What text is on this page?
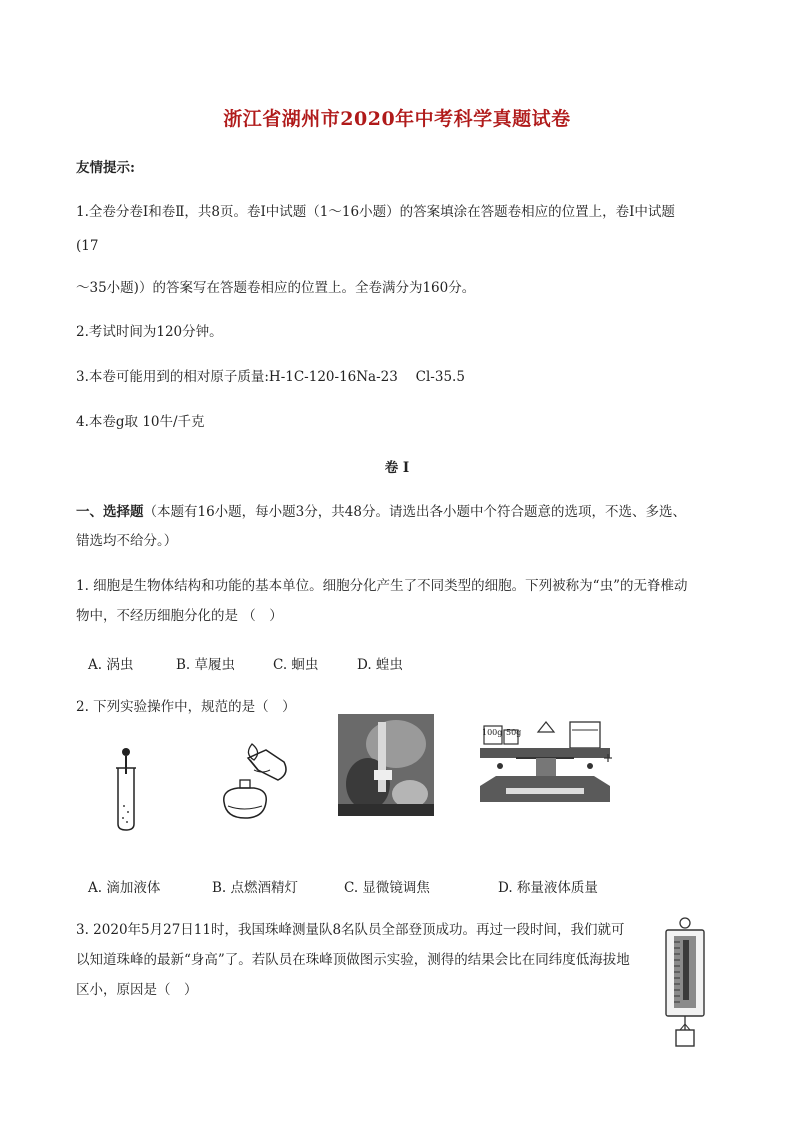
浙江省湖州市2020年中考科学真题试卷
友情提示:
1.全卷分卷Ⅰ和卷Ⅱ，共8页。卷Ⅰ中试题（1～16小题）的答案填涂在答题卷相应的位置上，卷Ⅰ中试题
(17
～35小题)）的答案写在答题卷相应的位置上。全卷满分为160分。
2.考试时间为120分钟。
3.本卷可能用到的相对原子质量:H-1C-120-16Na-23　 Cl-35.5
4.本卷g取 10牛/千克
卷 I
一、选择题（本题有16小题，每小题3分，共48分。请选出各小题中个符合题意的选项，不选、多选、
错选均不给分。）
1. 细胞是生物体结构和功能的基本单位。细胞分化产生了不同类型的细胞。下列被称为“虫”的无脊椎动
物中，不经历细胞分化的是 （　）
A. 涡虫	B. 草履虫	C. 蛔虫	D. 蝗虫
2. 下列实验操作中，规范的是（　）
100g 50g
A. 滴加液体	B. 点燃酒精灯	C. 显微镜调焦	D. 称量液体质量
3. 2020年5月27日11时，我国珠峰测量队8名队员全部登顶成功。再过一段时间，我们就可
以知道珠峰的最新“身高”了。若队员在珠峰顶做图示实验，测得的结果会比在同纬度低海拔地
区小，原因是（　）
